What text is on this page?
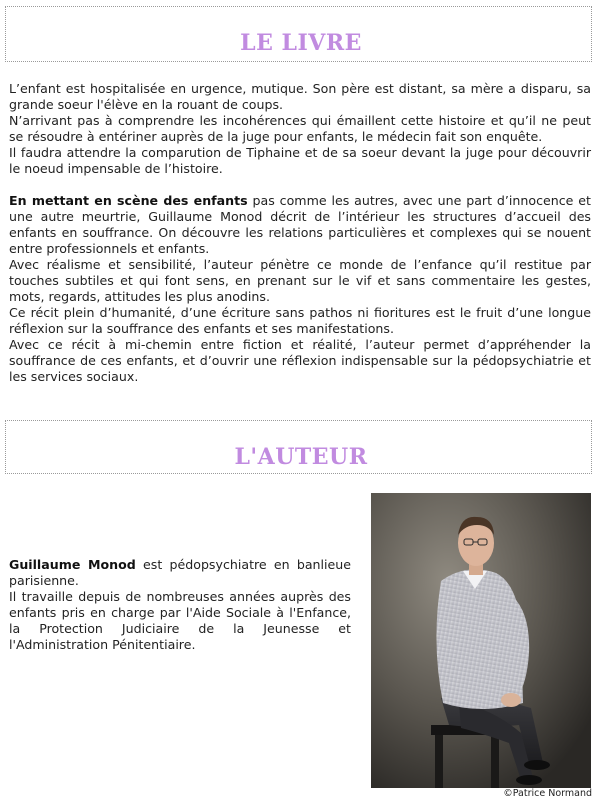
LE LIVRE

L’enfant est hospitalisée en urgence, mutique. Son père est distant, sa mère a disparu, sa grande soeur l'élève en la rouant de coups.

N’arrivant pas à comprendre les incohérences qui émaillent cette histoire et qu’il ne peut se résoudre à entériner auprès de la juge pour enfants, le médecin fait son enquête.

Il faudra attendre la comparution de Tiphaine et de sa soeur devant la juge pour découvrir le noeud impensable de l’histoire.

En mettant en scène des enfants pas comme les autres, avec une part d’innocence et une autre meurtrie, Guillaume Monod décrit de l’intérieur les structures d’accueil des enfants en souffrance. On découvre les relations particulières et complexes qui se nouent entre professionnels et enfants.

Avec réalisme et sensibilité, l’auteur pénètre ce monde de l’enfance qu’il restitue par touches subtiles et qui font sens, en prenant sur le vif et sans commentaire les gestes, mots, regards, attitudes les plus anodins.

Ce récit plein d’humanité, d’une écriture sans pathos ni fioritures est le fruit d’une longue réflexion sur la souffrance des enfants et ses manifestations.

Avec ce récit à mi-chemin entre fiction et réalité, l’auteur permet d’appréhender la souffrance de ces enfants, et d’ouvrir une réflexion indispensable sur la pédopsychiatrie et les services sociaux.

L'AUTEUR

Guillaume Monod est pédopsychiatre en banlieue parisienne.

Il travaille depuis de nombreuses années auprès des enfants pris en charge par l'Aide Sociale à l'Enfance, la Protection Judiciaire de la Jeunesse et l'Administration Pénitentiaire.

©Patrice Normand
